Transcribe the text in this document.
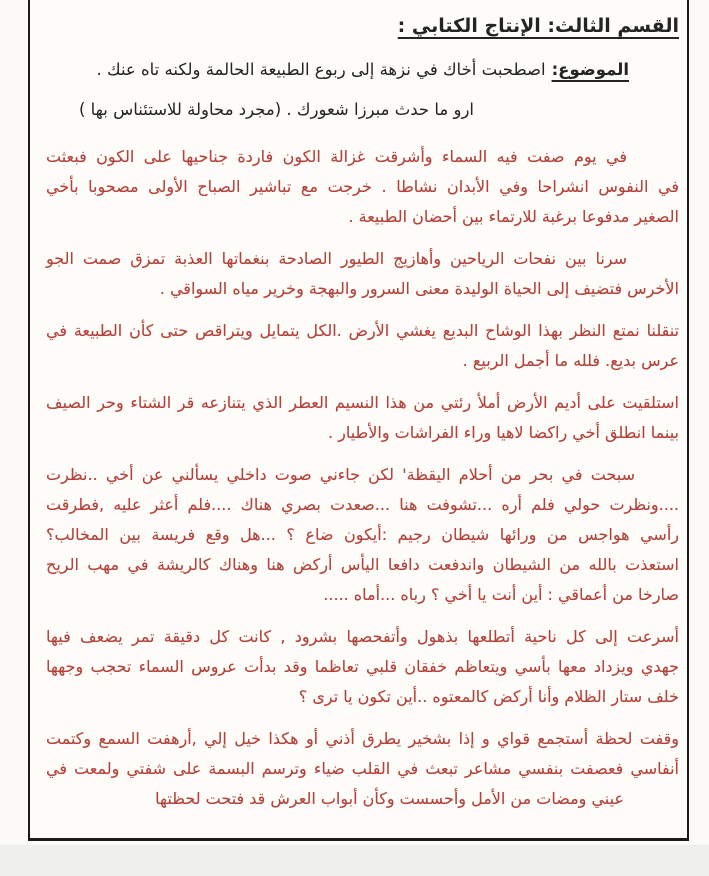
القسم الثالث: الإنتاج الكتابي :
الموضوع:اصطحبت أخاك في نزهة إلى ربوع الطبيعة الحالمة ولكنه تاه عنك .
ارو ما حدث مبرزا شعورك . (مجرد محاولة للاستئناس بها )
في يوم صفت فيه السماء وأشرقت غزالة الكون فاردة جناحيها على الكون فبعثت
في النفوس انشراحا وفي الأبدان نشاطا . خرجت مع تباشير الصباح الأولى مصحوبا بأخي
الصغير مدفوعا برغبة للارتماء بين أحضان الطبيعة .
سرنا بين نفحات الرياحين وأهازيج الطيور الصادحة بنغماتها العذبة تمزق صمت الجو
الأخرس فتضيف إلى الحياة الوليدة معنى السرور والبهجة وخرير مياه السواقي .
تنقلنا نمتع النظر بهذا الوشاح البديع يغشي الأرض .الكل يتمايل ويتراقص حتى كأن الطبيعة في
عرس بديع. فلله ما أجمل الربيع .
استلقيت على أديم الأرض أملأ رئتي من هذا النسيم العطر الذي يتنازعه قر الشتاء وحر الصيف
بينما انطلق أخي راكضا لاهيا وراء الفراشات والأطيار .
سبحت في بحر من أحلام اليقظة' لكن جاءني صوت داخلي يسألني عن أخي ..نظرت
....ونظرت حولي فلم أره ...تشوفت هنا ...صعدت بصري هناك ....فلم أعثر عليه ,فطرقت
رأسي هواجس من ورائها شيطان رجيم :أيكون ضاع ؟ ...هل وقع فريسة بين المخالب؟
استعذت بالله من الشيطان واندفعت دافعا اليأس أركض هنا وهناك كالريشة في مهب الريح
صارخا من أعماقي : أين أنت يا أخي ؟ رباه ...أماه .....
أسرعت إلى كل ناحية أتطلعها بذهول وأتفحصها بشرود , كانت كل دقيقة تمر يضعف فيها
جهدي ويزداد معها بأسي ويتعاظم خفقان قلبي تعاظما وقد بدأت عروس السماء تحجب وجهها
خلف ستار الظلام وأنا أركض كالمعتوه ..أين تكون يا ترى ؟
وقفت لحظة أستجمع قواي و إذا بشخير يطرق أذني أو هكذا خيل إلي ,أرهفت السمع وكتمت
أنفاسي فعصفت بنفسي مشاعر تبعث في القلب ضياء وترسم البسمة على شفتي ولمعت في
عيني ومضات من الأمل وأحسست وكأن أبواب العرش قد فتحت لحظتها
